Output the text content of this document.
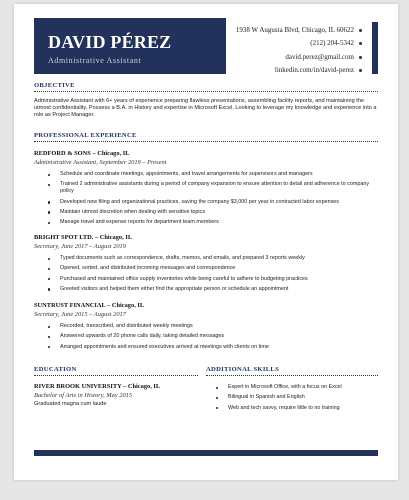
DAVID PÉREZ
Administrative Assistant
1938 W Augusta Blvd, Chicago, IL 60622
(212) 204-5342
david.perez@gmail.com
linkedin.com/in/david-perez
OBJECTIVE
Administrative Assistant with 6+ years of experience preparing flawless presentations, assembling facility reports, and maintaining the utmost confidentiality. Possess a B.A. in History and expertise in Microsoft Excel. Looking to leverage my knowledge and experience into a role as Project Manager.
PROFESSIONAL EXPERIENCE
REDFORD & SONS – Chicago, IL
Administrative Assistant, September 2019 – Present
Schedule and coordinate meetings, appointments, and travel arrangements for supervisors and managers
Trained 2 administrative assistants during a period of company expansion to ensure attention to detail and adherence to company policy
Developed new filing and organizational practices, saving the company $3,000 per year in contracted labor expenses
Maintain utmost discretion when dealing with sensitive topics
Manage travel and expense reports for department team members
BRIGHT SPOT LTD. – Chicago, IL
Secretary, June 2017 – August 2019
Typed documents such as correspondence, drafts, memos, and emails, and prepared 3 reports weekly
Opened, sorted, and distributed incoming messages and correspondence
Purchased and maintained office supply inventories while being careful to adhere to budgeting practices
Greeted visitors and helped them either find the appropriate person or schedule an appointment
SUNTRUST FINANCIAL – Chicago, IL
Secretary, June 2015 – August 2017
Recorded, transcribed, and distributed weekly meetings
Answered upwards of 20 phone calls daily, taking detailed messages
Arranged appointments and ensured executives arrived at meetings with clients on time
EDUCATION
RIVER BROOK UNIVERSITY – Chicago, IL
Bachelor of Arts in History, May 2015
Graduated magna cum laude
ADDITIONAL SKILLS
Expert in Microsoft Office, with a focus on Excel
Bilingual in Spanish and English
Web and tech savvy, require little to no training
